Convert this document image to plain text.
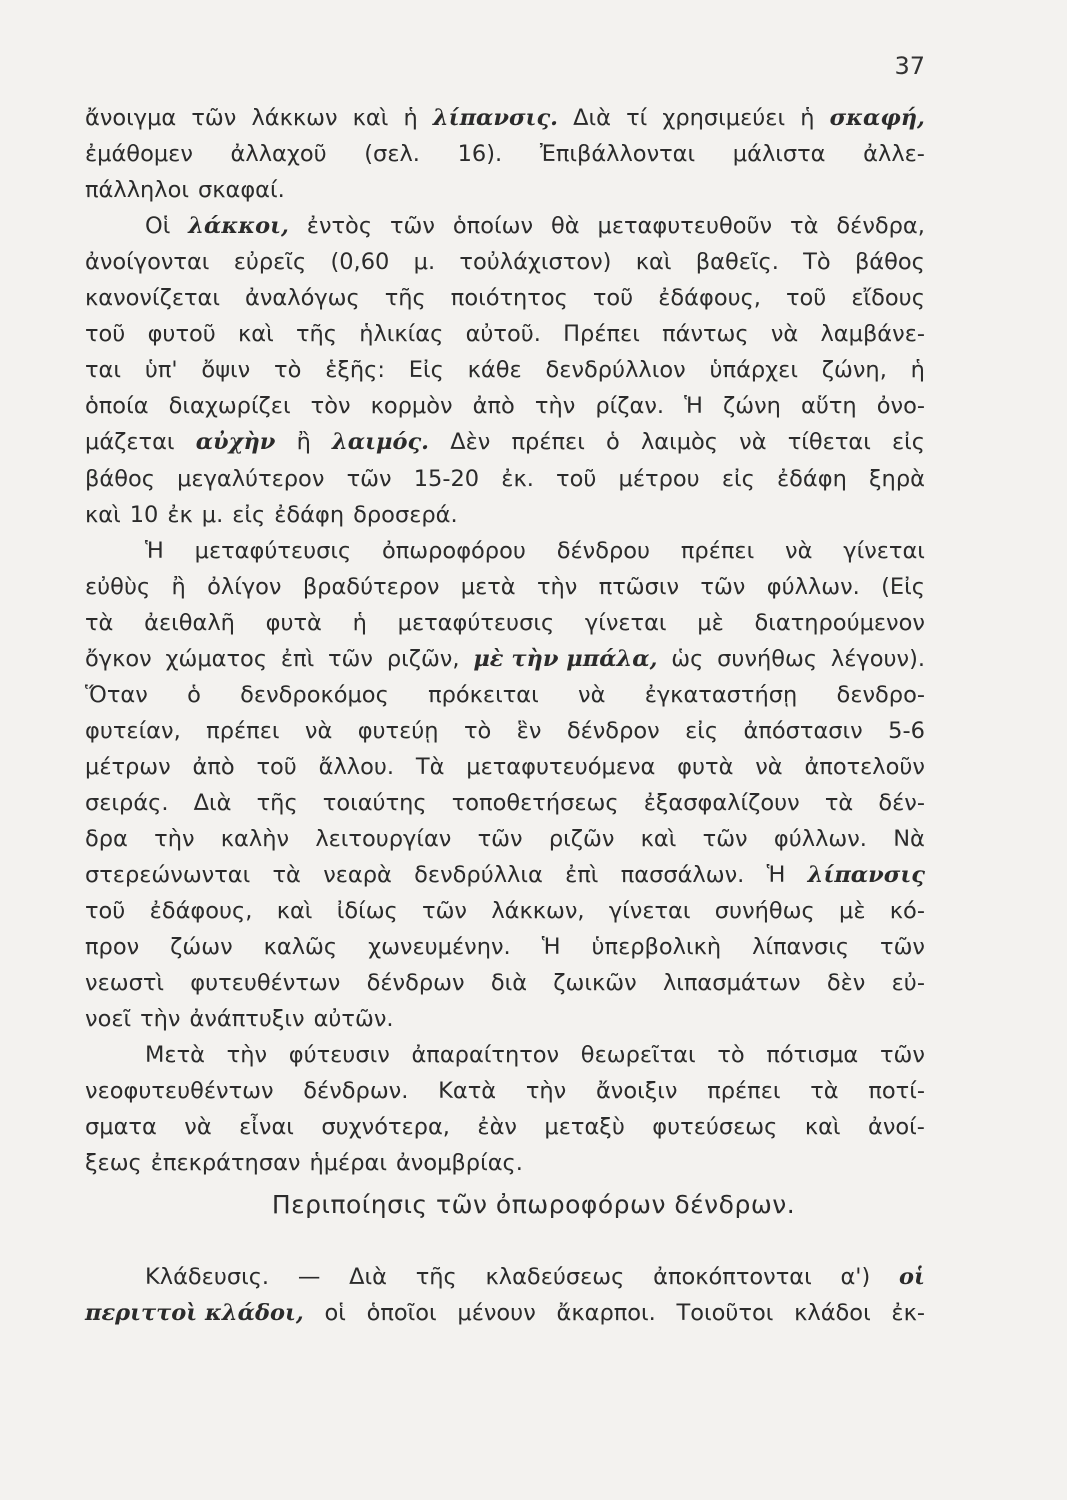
37
ἄνοιγμα τῶν λάκκων καὶ ἡ λίπανσις. Διὰ τί χρησιμεύει ἡ σκαφή,
ἐμάθομεν ἀλλαχοῦ (σελ. 16). Ἐπιβάλλονται μάλιστα ἀλλε-
πάλληλοι σκαφαί.
Οἱ λάκκοι, ἐντὸς τῶν ὁποίων θὰ μεταφυτευθοῦν τὰ δένδρα,
ἀνοίγονται εὐρεῖς (0,60 μ. τοὐλάχιστον) καὶ βαθεῖς. Τὸ βάθος
κανονίζεται ἀναλόγως τῆς ποιότητος τοῦ ἐδάφους, τοῦ εἴδους
τοῦ φυτοῦ καὶ τῆς ἡλικίας αὐτοῦ. Πρέπει πάντως νὰ λαμβάνε-
ται ὑπ' ὄψιν τὸ ἑξῆς: Εἰς κάθε δενδρύλλιον ὑπάρχει ζώνη, ἡ
ὁποία διαχωρίζει τὸν κορμὸν ἀπὸ τὴν ρίζαν. Ἡ ζώνη αὕτη ὀνο-
μάζεται αὐχὴν ἢ λαιμός. Δὲν πρέπει ὁ λαιμὸς νὰ τίθεται εἰς
βάθος μεγαλύτερον τῶν 15-20 ἐκ. τοῦ μέτρου εἰς ἐδάφη ξηρὰ
καὶ 10 ἐκ μ. εἰς ἐδάφη δροσερά.
Ἡ μεταφύτευσις ὀπωροφόρου δένδρου πρέπει νὰ γίνεται
εὐθὺς ἢ ὀλίγον βραδύτερον μετὰ τὴν πτῶσιν τῶν φύλλων. (Εἰς
τὰ ἀειθαλῆ φυτὰ ἡ μεταφύτευσις γίνεται μὲ διατηρούμενον
ὄγκον χώματος ἐπὶ τῶν ριζῶν, μὲ τὴν μπάλα, ὡς συνήθως λέγουν).
Ὅταν ὁ δενδροκόμος πρόκειται νὰ ἐγκαταστήσῃ δενδρο-
φυτείαν, πρέπει νὰ φυτεύῃ τὸ ἓν δένδρον εἰς ἀπόστασιν 5-6
μέτρων ἀπὸ τοῦ ἄλλου. Τὰ μεταφυτευόμενα φυτὰ νὰ ἀποτελοῦν
σειράς. Διὰ τῆς τοιαύτης τοποθετήσεως ἐξασφαλίζουν τὰ δέν-
δρα τὴν καλὴν λειτουργίαν τῶν ριζῶν καὶ τῶν φύλλων. Νὰ
στερεώνωνται τὰ νεαρὰ δενδρύλλια ἐπὶ πασσάλων. Ἡ λίπανσις
τοῦ ἐδάφους, καὶ ἰδίως τῶν λάκκων, γίνεται συνήθως μὲ κό-
προν ζώων καλῶς χωνευμένην. Ἡ ὑπερβολικὴ λίπανσις τῶν
νεωστὶ φυτευθέντων δένδρων διὰ ζωικῶν λιπασμάτων δὲν εὐ-
νοεῖ τὴν ἀνάπτυξιν αὐτῶν.
Μετὰ τὴν φύτευσιν ἀπαραίτητον θεωρεῖται τὸ πότισμα τῶν
νεοφυτευθέντων δένδρων. Κατὰ τὴν ἄνοιξιν πρέπει τὰ ποτί-
σματα νὰ εἶναι συχνότερα, ἐὰν μεταξὺ φυτεύσεως καὶ ἀνοί-
ξεως ἐπεκράτησαν ἡμέραι ἀνομβρίας.
Περιποίησις τῶν ὀπωροφόρων δένδρων.
Κλάδευσις. — Διὰ τῆς κλαδεύσεως ἀποκόπτονται α') οἱ
περιττοὶ κλάδοι, οἱ ὁποῖοι μένουν ἄκαρποι. Τοιοῦτοι κλάδοι ἐκ-
